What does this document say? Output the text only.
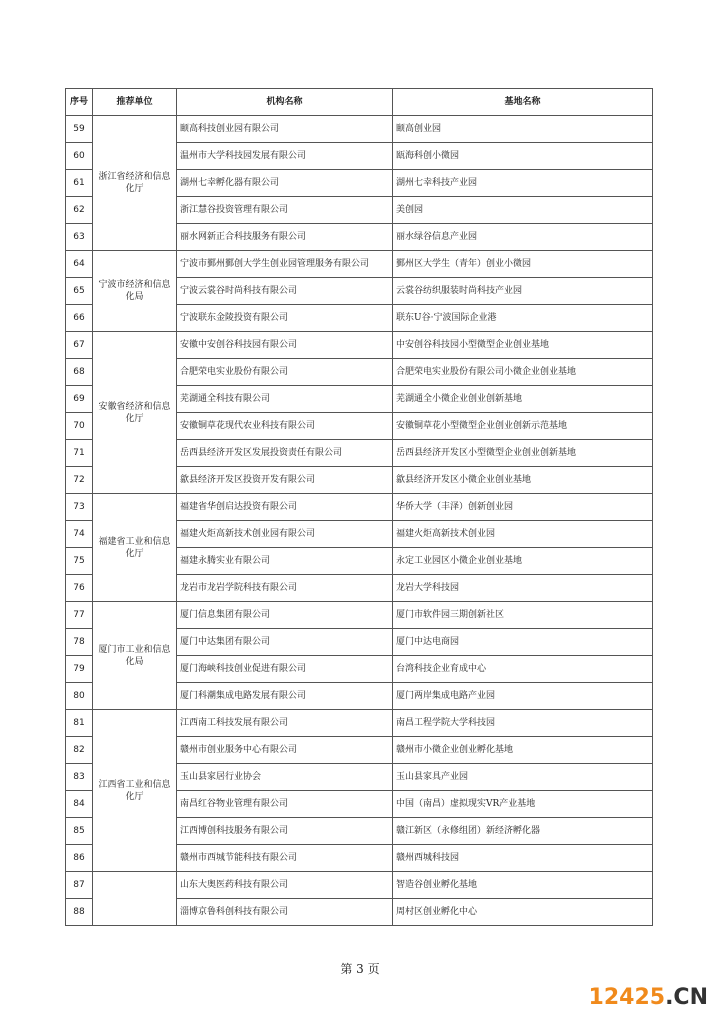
序号	推荐单位	机构名称	基地名称
59	浙江省经济和信息化厅	颐高科技创业园有限公司	颐高创业园
60		温州市大学科技园发展有限公司	瓯海科创小微园
61		湖州七幸孵化器有限公司	湖州七幸科技产业园
62		浙江慧谷投资管理有限公司	美创园
63		丽水网新正合科技服务有限公司	丽水绿谷信息产业园
64	宁波市经济和信息化局	宁波市鄞州鄞创大学生创业园管理服务有限公司	鄞州区大学生（青年）创业小微园
65		宁波云裳谷时尚科技有限公司	云裳谷纺织服装时尚科技产业园
66		宁波联东金陵投资有限公司	联东U谷·宁波国际企业港
67	安徽省经济和信息化厅	安徽中安创谷科技园有限公司	中安创谷科技园小型微型企业创业基地
68		合肥荣电实业股份有限公司	合肥荣电实业股份有限公司小微企业创业基地
69		芜湖通全科技有限公司	芜湖通全小微企业创业创新基地
70		安徽铜草花现代农业科技有限公司	安徽铜草花小型微型企业创业创新示范基地
71		岳西县经济开发区发展投资责任有限公司	岳西县经济开发区小型微型企业创业创新基地
72		歙县经济开发区投资开发有限公司	歙县经济开发区小微企业创业基地
73	福建省工业和信息化厅	福建省华创启达投资有限公司	华侨大学（丰泽）创新创业园
74		福建火炬高新技术创业园有限公司	福建火炬高新技术创业园
75		福建永腾实业有限公司	永定工业园区小微企业创业基地
76		龙岩市龙岩学院科技有限公司	龙岩大学科技园
77	厦门市工业和信息化局	厦门信息集团有限公司	厦门市软件园三期创新社区
78		厦门中达集团有限公司	厦门中达电商园
79		厦门海峡科技创业促进有限公司	台湾科技企业育成中心
80		厦门科潮集成电路发展有限公司	厦门两岸集成电路产业园
81	江西省工业和信息化厅	江西南工科技发展有限公司	南昌工程学院大学科技园
82		赣州市创业服务中心有限公司	赣州市小微企业创业孵化基地
83		玉山县家居行业协会	玉山县家具产业园
84		南昌红谷物业管理有限公司	中国（南昌）虚拟现实VR产业基地
85		江西博创科技服务有限公司	赣江新区（永修组团）新经济孵化器
86		赣州市西城节能科技有限公司	赣州西城科技园
87		山东大奥医药科技有限公司	智造谷创业孵化基地
88		淄博京鲁科创科技有限公司	周村区创业孵化中心
第 3 页
12425.CN
